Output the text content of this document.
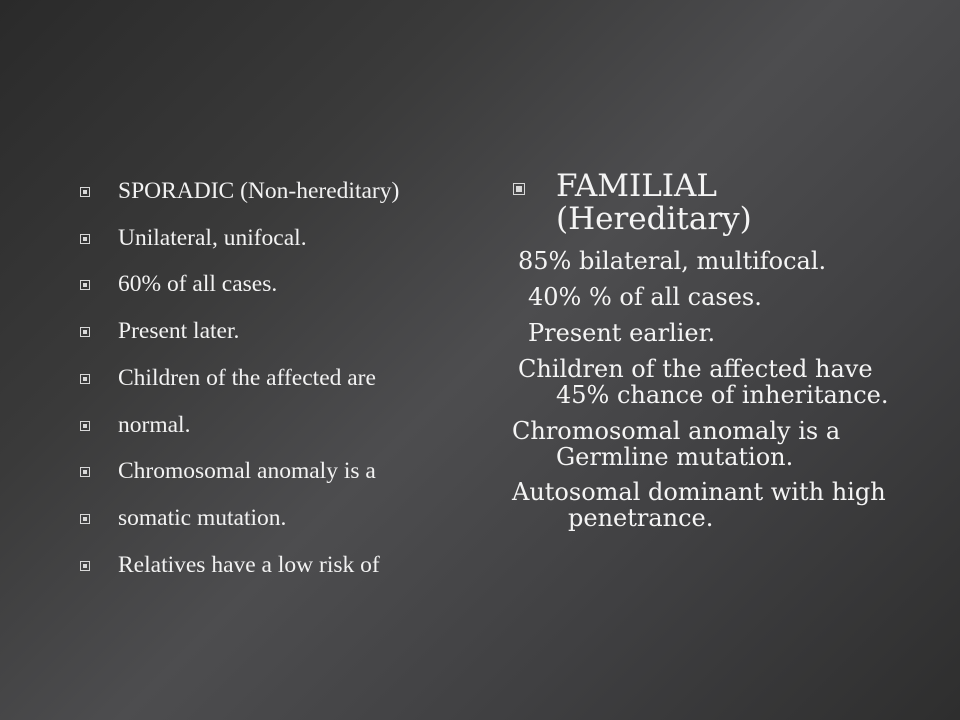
SPORADIC (Non-hereditary)
Unilateral, unifocal.
60% of all cases.
Present later.
Children of the affected are
normal.
Chromosomal anomaly is a
somatic mutation.
Relatives have a low risk of
FAMILIAL (Hereditary)
85% bilateral, multifocal.
40% % of all cases.
Present earlier.
Children of the affected have 45% chance of inheritance.
Chromosomal anomaly is a Germline mutation.
Autosomal dominant with high penetrance.
